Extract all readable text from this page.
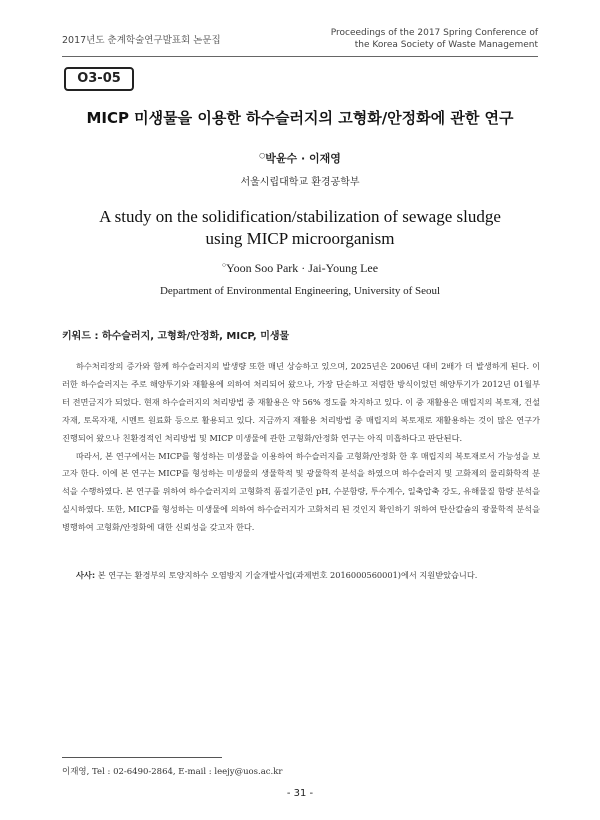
2017년도 춘계학술연구발표회 논문집
Proceedings of the 2017 Spring Conference of
the Korea Society of Waste Management
O3-05
MICP 미생물을 이용한 하수슬러지의 고형화/안정화에 관한 연구
○박윤수 · 이재영
서울시립대학교 환경공학부
A study on the solidification/stabilization of sewage sludge
using MICP microorganism
○Yoon Soo Park · Jai-Young Lee
Department of Environmental Engineering, University of Seoul
키워드 : 하수슬러지, 고형화/안정화, MICP, 미생물

하수처리장의 증가와 함께 하수슬러지의 발생량 또한 매년 상승하고 있으며, 2025년은 2006년 대비 2배가 더 발생하게 된다. 이러한 하수슬러지는 주로 해양투기와 재활용에 의하여 처리되어 왔으나, 가장 단순하고 저렴한 방식이었던 해양투기가 2012년 01월부터 전면금지가 되었다. 현재 하수슬러지의 처리방법 중 재활용은 약 56% 정도를 차지하고 있다. 이 중 재활용은 매립지의 복토재, 건설자재, 토목자재, 시멘트 원료화 등으로 활용되고 있다. 지금까지 재활용 처리방법 중 매립지의 복토재로 재활용하는 것이 많은 연구가 진행되어 왔으나 친환경적인 처리방법 및 MICP 미생물에 관한 고형화/안정화 연구는 아직 미흡하다고 판단된다.

따라서, 본 연구에서는 MICP를 형성하는 미생물을 이용하여 하수슬러지를 고형화/안정화 한 후 매립지의 복토재로서 가능성을 보고자 한다. 이에 본 연구는 MICP를 형성하는 미생물의 생물학적 및 광물학적 분석을 하였으며 하수슬러지 및 고화제의 물리화학적 분석을 수행하였다. 본 연구를 위하여 하수슬러지의 고형화적 품질기준인 pH, 수분함량, 투수계수, 일축압축 강도, 유해물질 함량 분석을 실시하였다. 또한, MICP를 형성하는 미생물에 의하여 하수슬러지가 고화처리 된 것인지 확인하기 위하여 탄산칼슘의 광물학적 분석을 병행하여 고형화/안정화에 대한 신뢰성을 갖고자 한다.

사사: 본 연구는 환경부의 토양지하수 오염방지 기술개발사업(과제번호 2016000560001)에서 지원받았습니다.
이재영, Tel : 02-6490-2864, E-mail : leejy@uos.ac.kr
- 31 -
